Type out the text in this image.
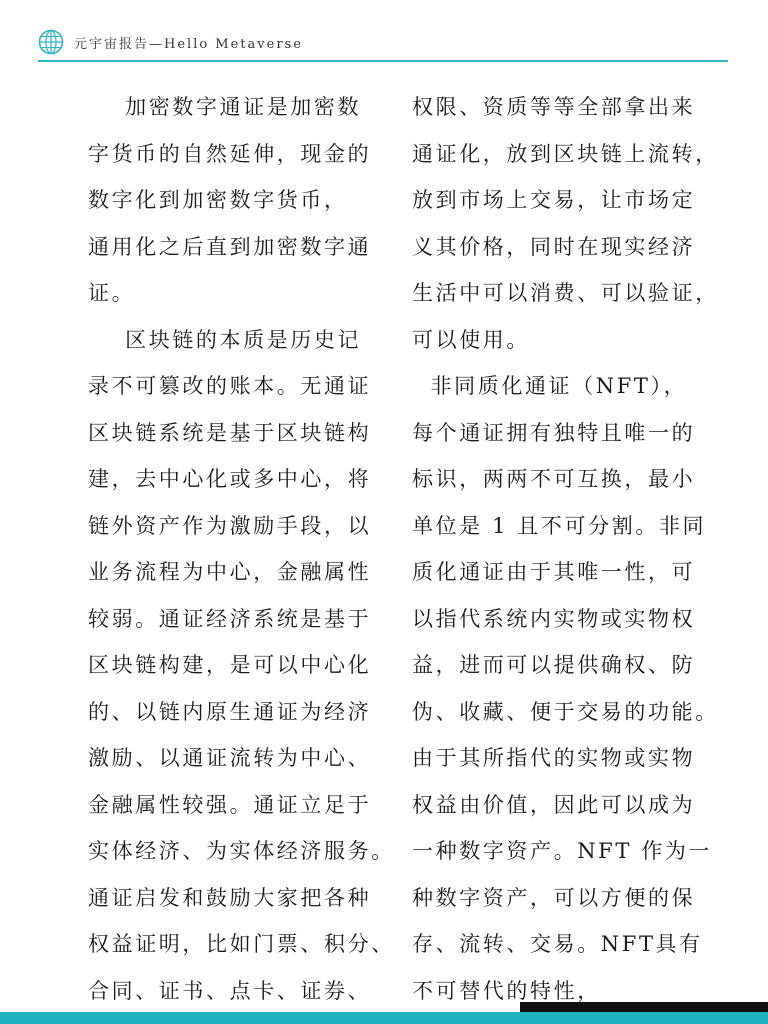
元宇宙报告—Hello Metaverse
加密数字通证是加密数
字货币的自然延伸，现金的
数字化到加密数字货币，
通用化之后直到加密数字通
证。
区块链的本质是历史记
录不可篡改的账本。无通证
区块链系统是基于区块链构
建，去中心化或多中心，将
链外资产作为激励手段，以
业务流程为中心，金融属性
较弱。通证经济系统是基于
区块链构建，是可以中心化
的、以链内原生通证为经济
激励、以通证流转为中心、
金融属性较强。通证立足于
实体经济、为实体经济服务。
通证启发和鼓励大家把各种
权益证明，比如门票、积分、
合同、证书、点卡、证券、
权限、资质等等全部拿出来
通证化，放到区块链上流转，
放到市场上交易，让市场定
义其价格，同时在现实经济
生活中可以消费、可以验证，
可以使用。
非同质化通证（NFT），
每个通证拥有独特且唯一的
标识，两两不可互换，最小
单位是 1 且不可分割。非同
质化通证由于其唯一性，可
以指代系统内实物或实物权
益，进而可以提供确权、防
伪、收藏、便于交易的功能。
由于其所指代的实物或实物
权益由价值，因此可以成为
一种数字资产。NFT 作为一
种数字资产，可以方便的保
存、流转、交易。NFT具有
不可替代的特性，
